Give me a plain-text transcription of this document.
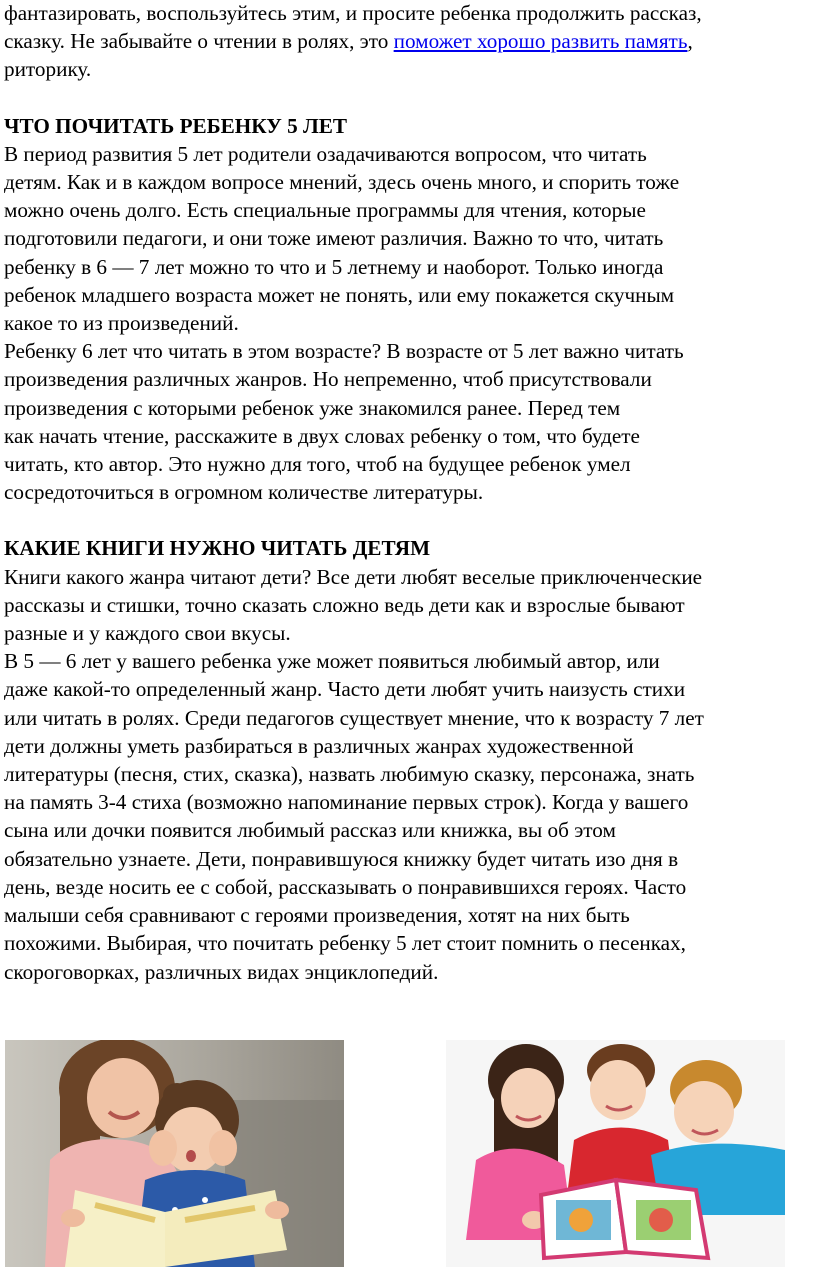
фантазировать, воспользуйтесь этим, и просите ребенка продолжить рассказ,
сказку. Не забывайте о чтении в ролях, это поможет хорошо развить память,
риторику.

ЧТО ПОЧИТАТЬ РЕБЕНКУ 5 ЛЕТ

В период развития 5 лет родители озадачиваются вопросом, что читать
детям. Как и в каждом вопросе мнений, здесь очень много, и спорить тоже
можно очень долго. Есть специальные программы для чтения, которые
подготовили педагоги, и они тоже имеют различия. Важно то что, читать
ребенку в 6 — 7 лет можно то что и 5 летнему и наоборот. Только иногда
ребенок младшего возраста может не понять, или ему покажется скучным
какое то из произведений.
Ребенку 6 лет что читать в этом возрасте? В возрасте от 5 лет важно читать
произведения различных жанров. Но непременно, чтоб присутствовали
произведения с которыми ребенок уже знакомился ранее. Перед тем
как начать чтение, расскажите в двух словах ребенку о том, что будете
читать, кто автор. Это нужно для того, чтоб на будущее ребенок умел
сосредоточиться в огромном количестве литературы.

КАКИЕ КНИГИ НУЖНО ЧИТАТЬ ДЕТЯМ

Книги какого жанра читают дети? Все дети любят веселые приключенческие
рассказы и стишки, точно сказать сложно ведь дети как и взрослые бывают
разные и у каждого свои вкусы.
В 5 — 6 лет у вашего ребенка уже может появиться любимый автор, или
даже какой-то определенный жанр. Часто дети любят учить наизусть стихи
или читать в ролях. Среди педагогов существует мнение, что к возрасту 7 лет
дети должны уметь разбираться в различных жанрах художественной
литературы (песня, стих, сказка), назвать любимую сказку, персонажа, знать
на память 3-4 стиха (возможно напоминание первых строк). Когда у вашего
сына или дочки появится любимый рассказ или книжка, вы об этом
обязательно узнаете. Дети, понравившуюся книжку будет читать изо дня в
день, везде носить ее с собой, рассказывать о понравившихся героях. Часто
малыши себя сравнивают с героями произведения, хотят на них быть
похожими. Выбирая, что почитать ребенку 5 лет стоит помнить о песенках,
скороговорках, различных видах энциклопедий.
